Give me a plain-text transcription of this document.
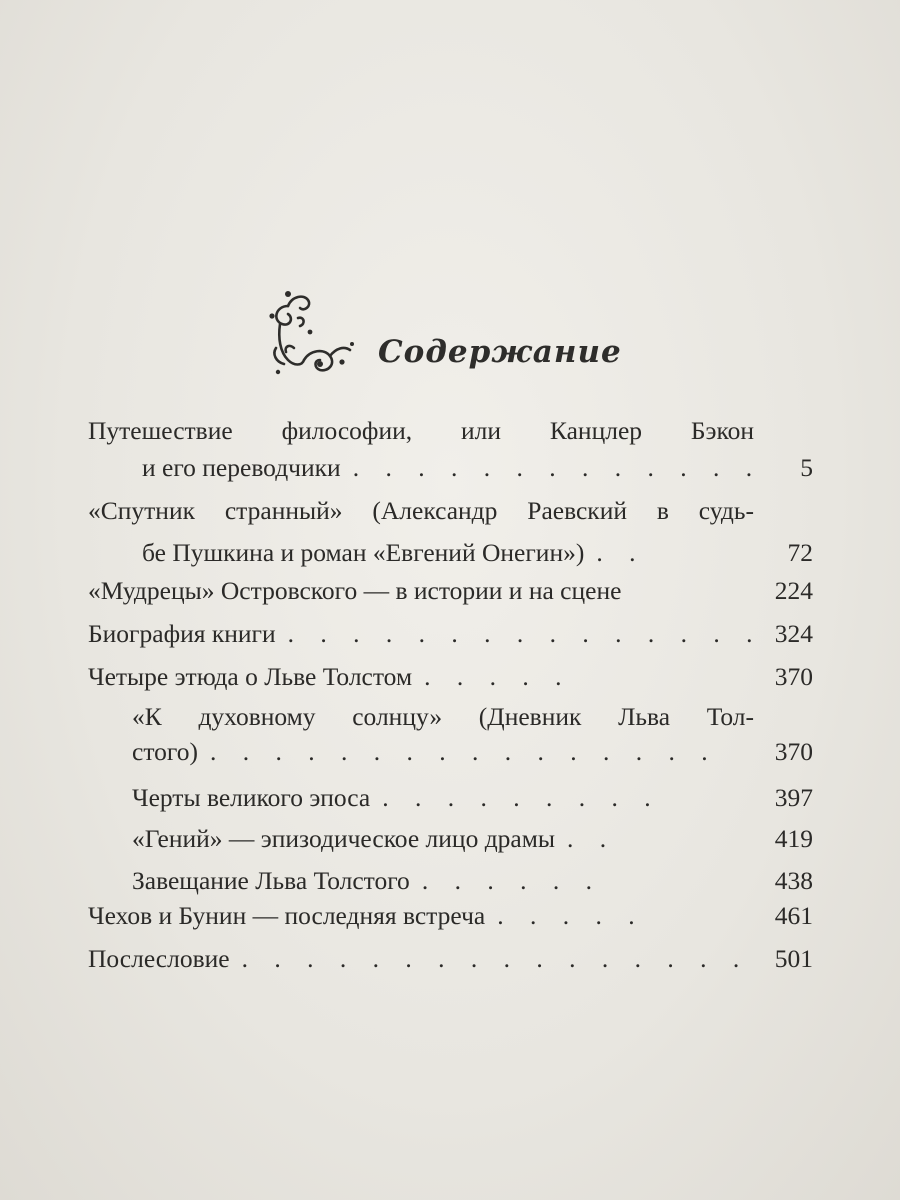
Содержание
Путешествие философии, или Канцлер Бэкон
и его переводчики . . . . . . . . . . . . .	5
«Спутник странный» (Александр Раевский в судь-
бе Пушкина и роман «Евгений Онегин») . .	72
«Мудрецы» Островского — в истории и на сцене	224
Биография книги . . . . . . . . . . . . . . . 324
Четыре этюда о Льве Толстом . . . . .	370
«К духовному солнцу» (Дневник Льва Тол-
стого) . . . . . . . . . . . . . . . .	370
Черты великого эпоса . . . . . . . . .	397
«Гений» — эпизодическое лицо драмы . .	419
Завещание Льва Толстого . . . . . .	438
Чехов и Бунин — последняя встреча . . . . .	461
Послесловие . . . . . . . . . . . . . . . .	501
